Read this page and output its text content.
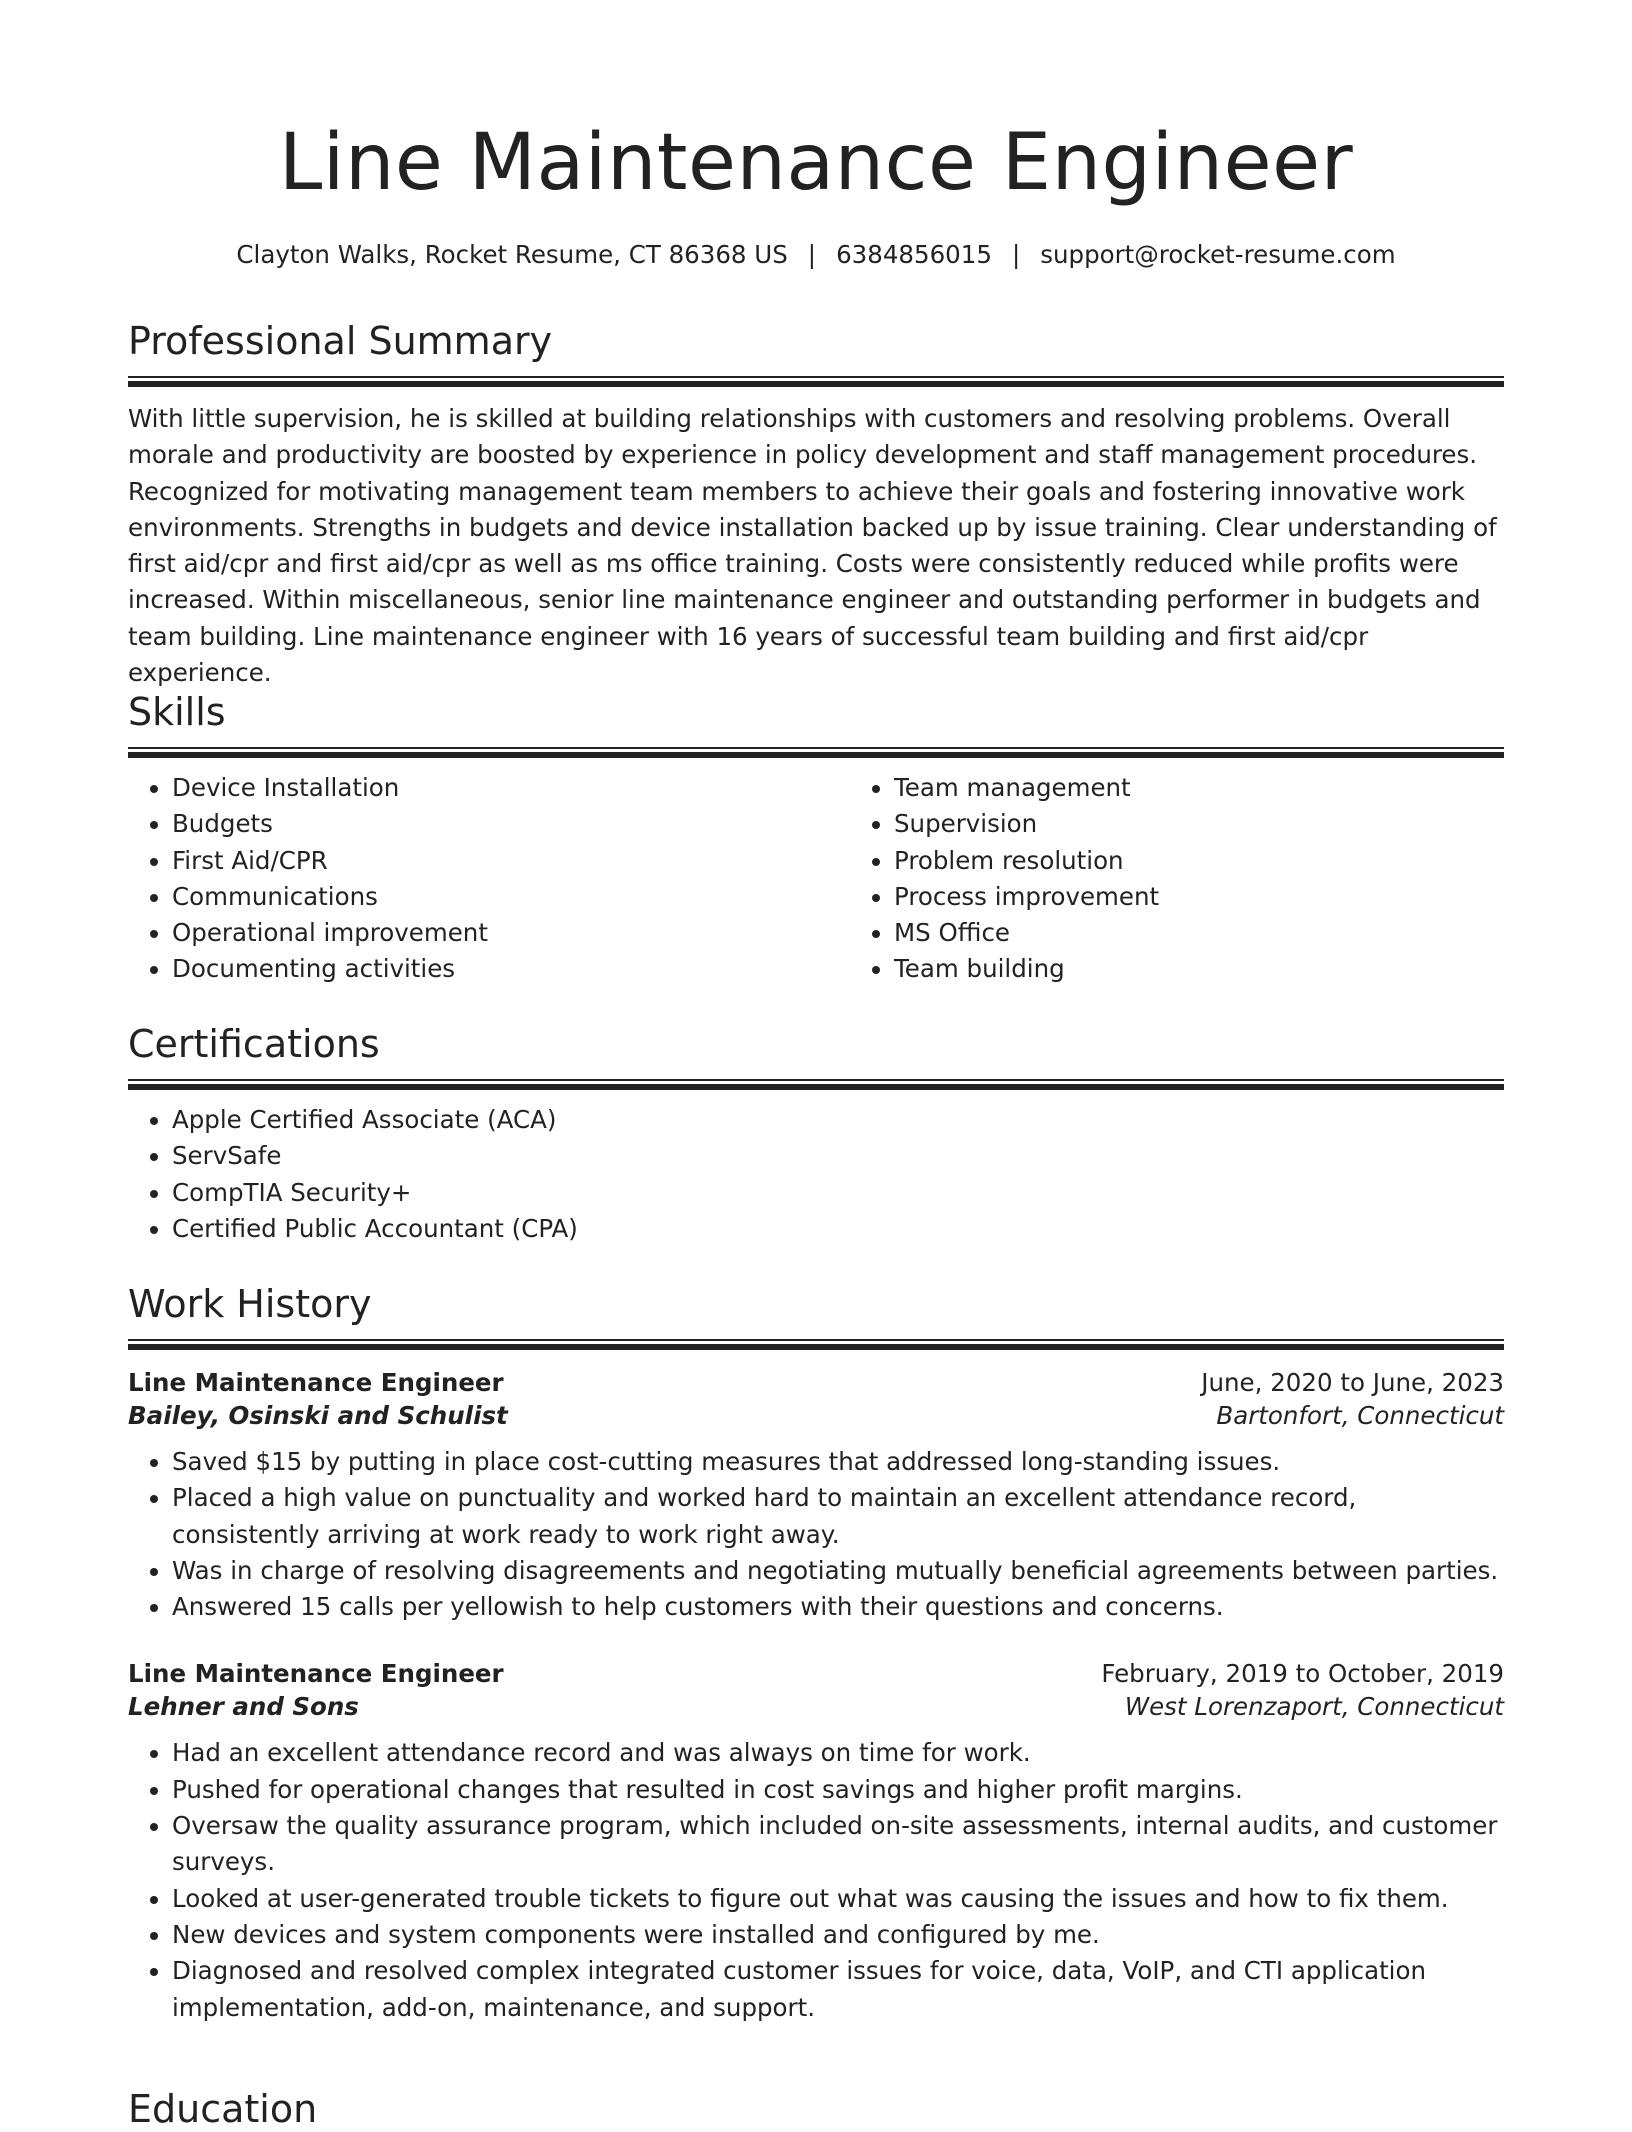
Line Maintenance Engineer

Clayton Walks, Rocket Resume, CT 86368 US | 6384856015 | support@rocket-resume.com

Professional Summary

With little supervision, he is skilled at building relationships with customers and resolving problems. Overall morale and productivity are boosted by experience in policy development and staff management procedures. Recognized for motivating management team members to achieve their goals and fostering innovative work environments. Strengths in budgets and device installation backed up by issue training. Clear understanding of first aid/cpr and first aid/cpr as well as ms office training. Costs were consistently reduced while profits were increased. Within miscellaneous, senior line maintenance engineer and outstanding performer in budgets and team building. Line maintenance engineer with 16 years of successful team building and first aid/cpr experience.

Skills
• Device Installation
• Budgets
• First Aid/CPR
• Communications
• Operational improvement
• Documenting activities
• Team management
• Supervision
• Problem resolution
• Process improvement
• MS Office
• Team building
Certifications
• Apple Certified Associate (ACA)
• ServSafe
• CompTIA Security+
• Certified Public Accountant (CPA)
Work History
Line Maintenance Engineer	June, 2020 to June, 2023
Bailey, Osinski and Schulist	Bartonfort, Connecticut
• Saved $15 by putting in place cost-cutting measures that addressed long-standing issues.
• Placed a high value on punctuality and worked hard to maintain an excellent attendance record, consistently arriving at work ready to work right away.
• Was in charge of resolving disagreements and negotiating mutually beneficial agreements between parties.
• Answered 15 calls per yellowish to help customers with their questions and concerns.
Line Maintenance Engineer	February, 2019 to October, 2019
Lehner and Sons	West Lorenzaport, Connecticut
• Had an excellent attendance record and was always on time for work.
• Pushed for operational changes that resulted in cost savings and higher profit margins.
• Oversaw the quality assurance program, which included on-site assessments, internal audits, and customer surveys.
• Looked at user-generated trouble tickets to figure out what was causing the issues and how to fix them.
• New devices and system components were installed and configured by me.
• Diagnosed and resolved complex integrated customer issues for voice, data, VoIP, and CTI application implementation, add-on, maintenance, and support.
Education
